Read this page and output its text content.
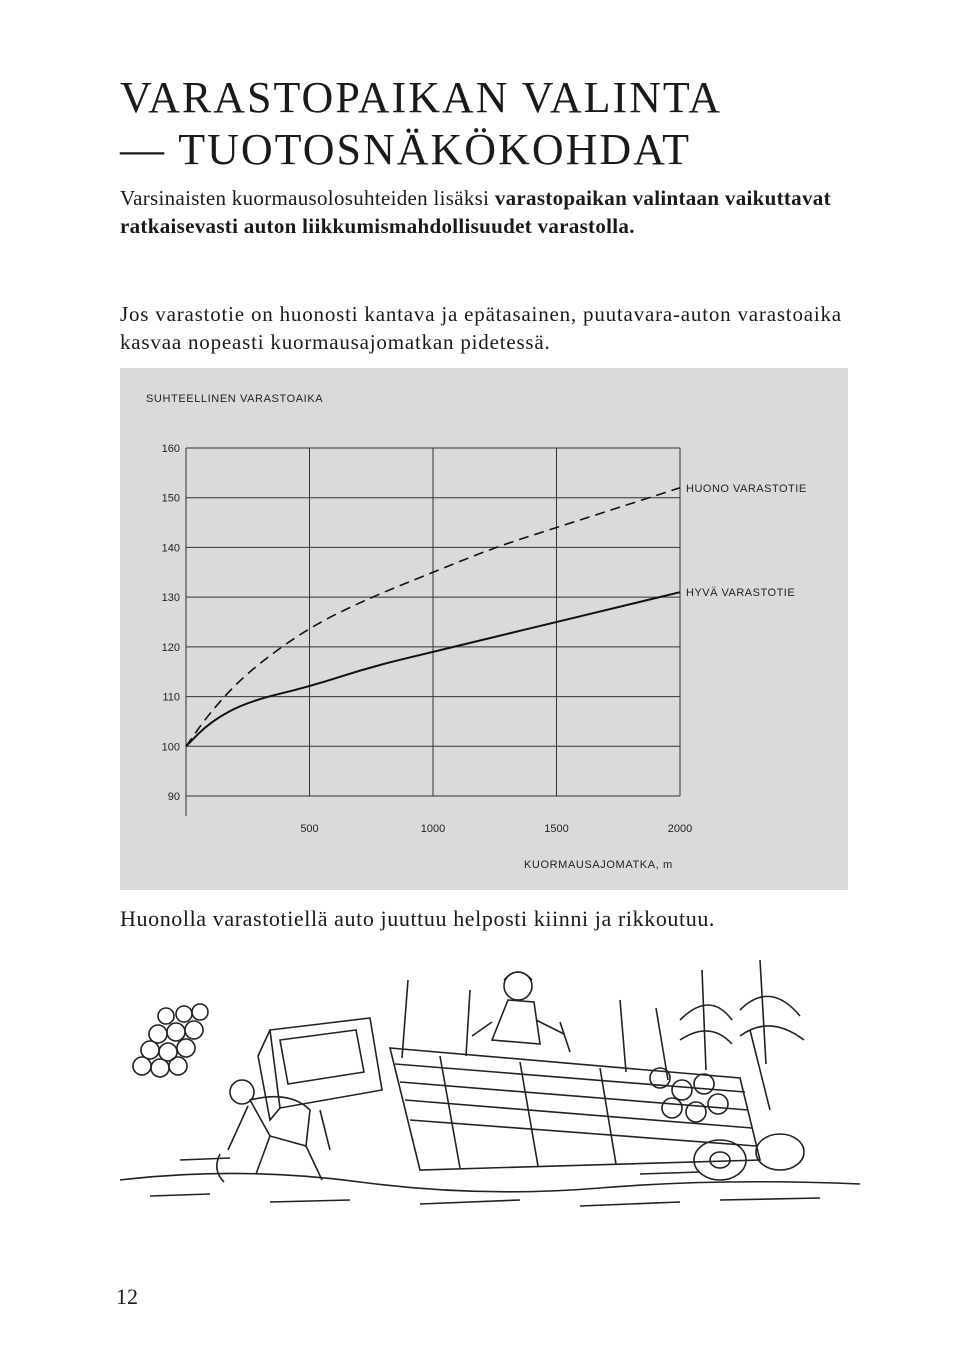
VARASTOPAIKAN VALINTA
— TUOTOSNÄKÖKOHDAT

Varsinaisten kuormausolosuhteiden lisäksi varastopaikan valintaan vaikuttavat ratkaisevasti auton liikkumismahdollisuudet varastolla.

Jos varastotie on huonosti kantava ja epätasainen, puutavara-auton varastoaika kasvaa nopeasti kuormausajomatkan pidetessä.

SUHTEELLINEN VARASTOAIKA
KUORMAUSAJOMATKA, m
90
100
110
120
130
140
150
160
500	1000	1500	2000
HUONO VARASTOTIE
HYVÄ VARASTOTIE

Huonolla varastotiellä auto juuttuu helposti kiinni ja rikkoutuu.

12
